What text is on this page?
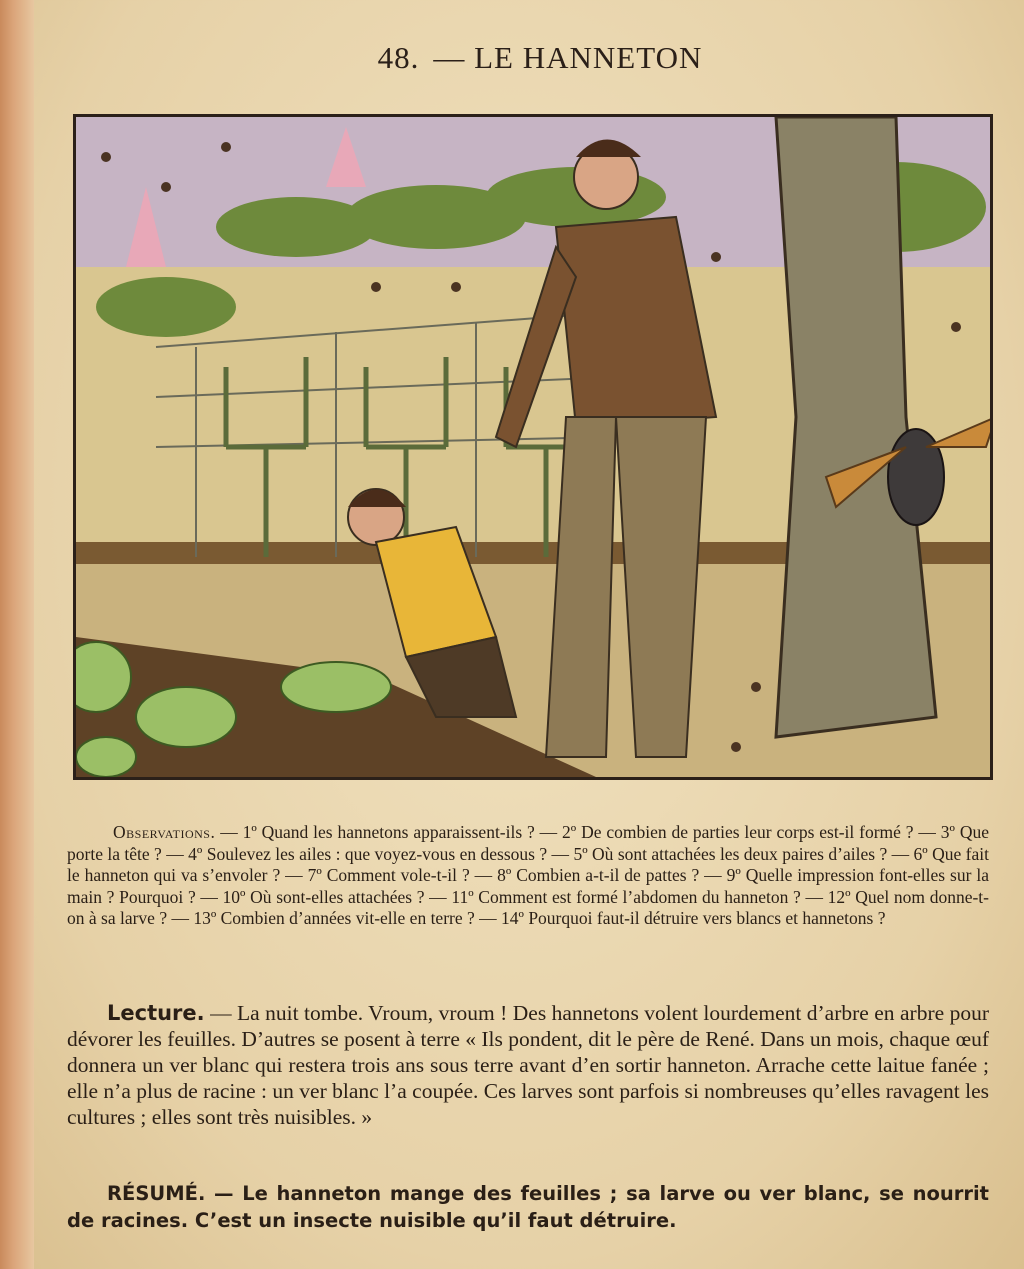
48. — LE HANNETON
Observations. — 1º Quand les hannetons apparaissent-ils ? — 2º De combien de parties leur corps est-il formé ? — 3º Que porte la tête ? — 4º Soulevez les ailes : que voyez-vous en dessous ? — 5º Où sont attachées les deux paires d’ailes ? — 6º Que fait le hanneton qui va s’envoler ? — 7º Comment vole-t-il ? — 8º Combien a-t-il de pattes ? — 9º Quelle impression font-elles sur la main ? Pourquoi ? — 10º Où sont-elles attachées ? — 11º Comment est formé l’abdomen du hanneton ? — 12º Quel nom donne-t-on à sa larve ? — 13º Combien d’années vit-elle en terre ? — 14º Pourquoi faut-il détruire vers blancs et hannetons ?
Lecture. — La nuit tombe. Vroum, vroum ! Des hannetons volent lourdement d’arbre en arbre pour dévorer les feuilles. D’autres se posent à terre « Ils pondent, dit le père de René. Dans un mois, chaque œuf donnera un ver blanc qui restera trois ans sous terre avant d’en sortir hanneton. Arrache cette laitue fanée ; elle n’a plus de racine : un ver blanc l’a coupée. Ces larves sont parfois si nombreuses qu’elles ravagent les cultures ; elles sont très nuisibles. »
RÉSUMÉ. — Le hanneton mange des feuilles ; sa larve ou ver blanc, se nourrit de racines. C’est un insecte nuisible qu’il faut détruire.
